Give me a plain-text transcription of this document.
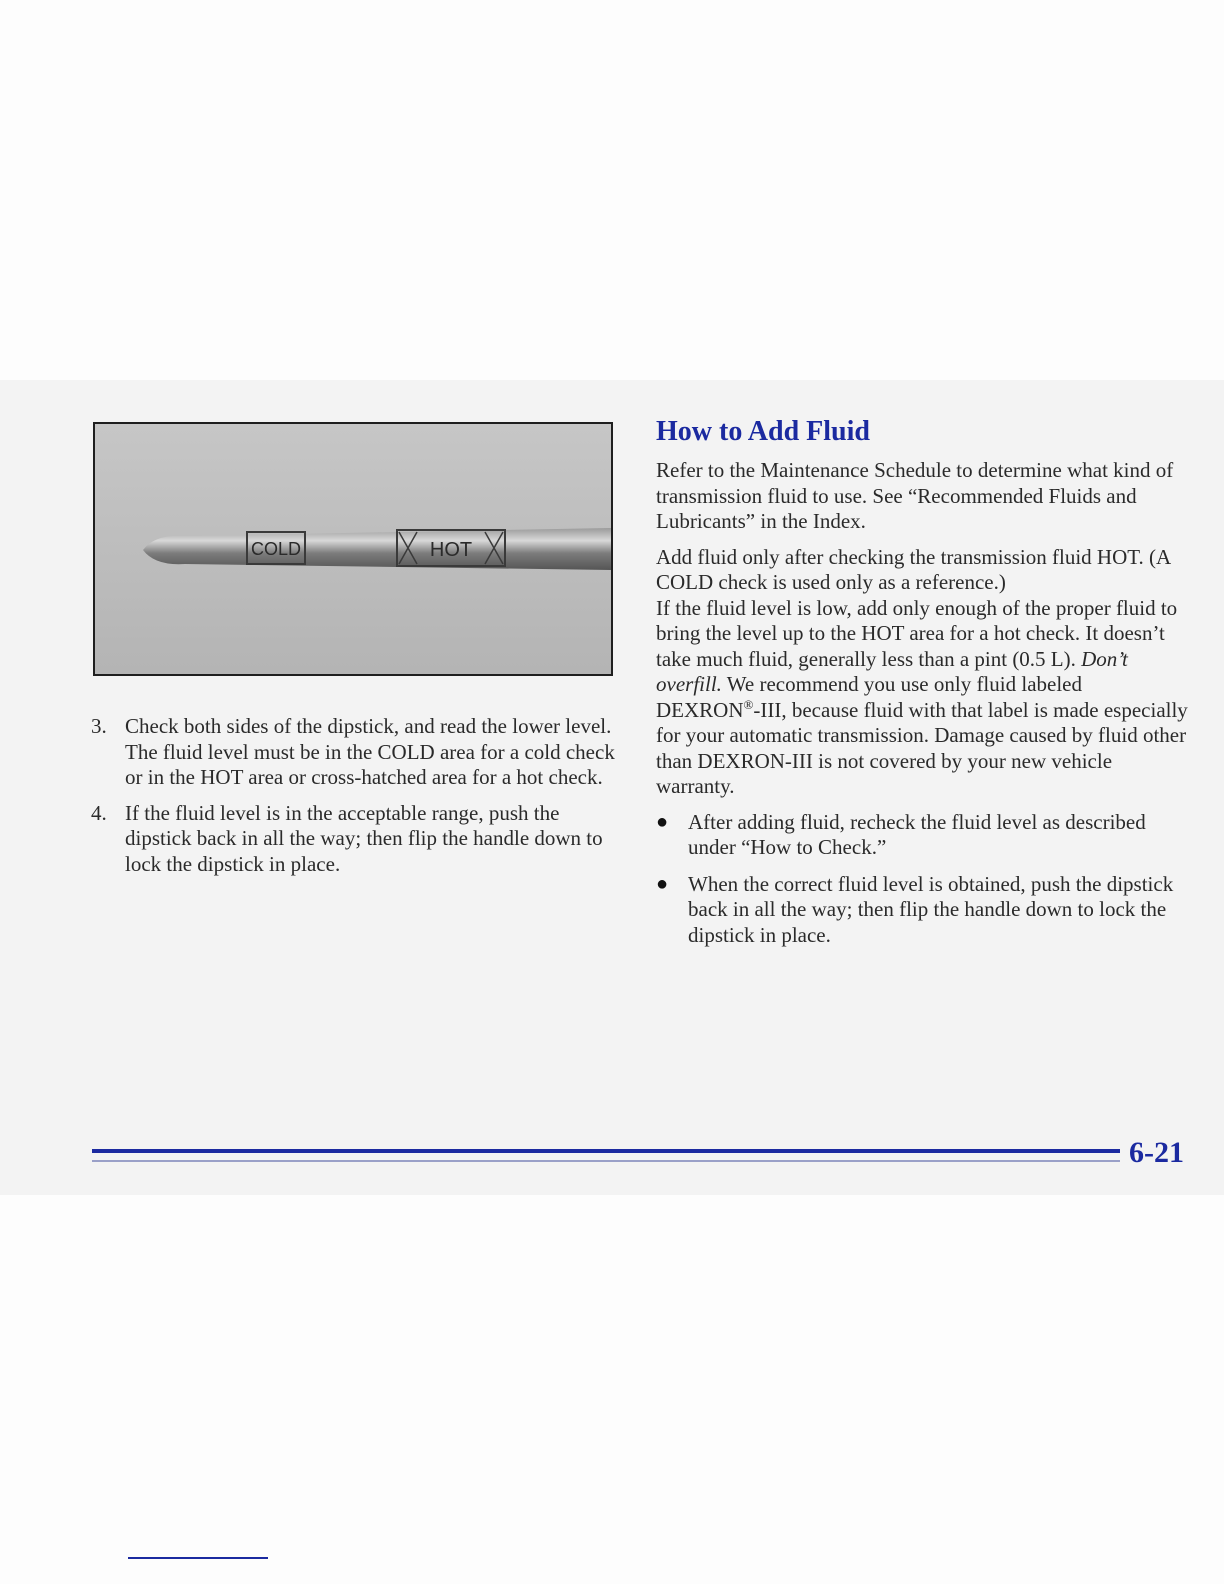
COLD	HOT
3. Check both sides of the dipstick, and read the lower level. The fluid level must be in the COLD area for a cold check or in the HOT area or cross-hatched area for a hot check.
4. If the fluid level is in the acceptable range, push the dipstick back in all the way; then flip the handle down to lock the dipstick in place.
How to Add Fluid

Refer to the Maintenance Schedule to determine what kind of transmission fluid to use. See “Recommended Fluids and Lubricants” in the Index.

Add fluid only after checking the transmission fluid HOT. (A COLD check is used only as a reference.)

If the fluid level is low, add only enough of the proper fluid to bring the level up to the HOT area for a hot check. It doesn’t take much fluid, generally less than a pint (0.5 L). Don’t overfill. We recommend you use only fluid labeled DEXRON®-III, because fluid with that label is made especially for your automatic transmission. Damage caused by fluid other than DEXRON-III is not covered by your new vehicle warranty.

● After adding fluid, recheck the fluid level as described under “How to Check.”
● When the correct fluid level is obtained, push the dipstick back in all the way; then flip the handle down to lock the dipstick in place.
6-21
